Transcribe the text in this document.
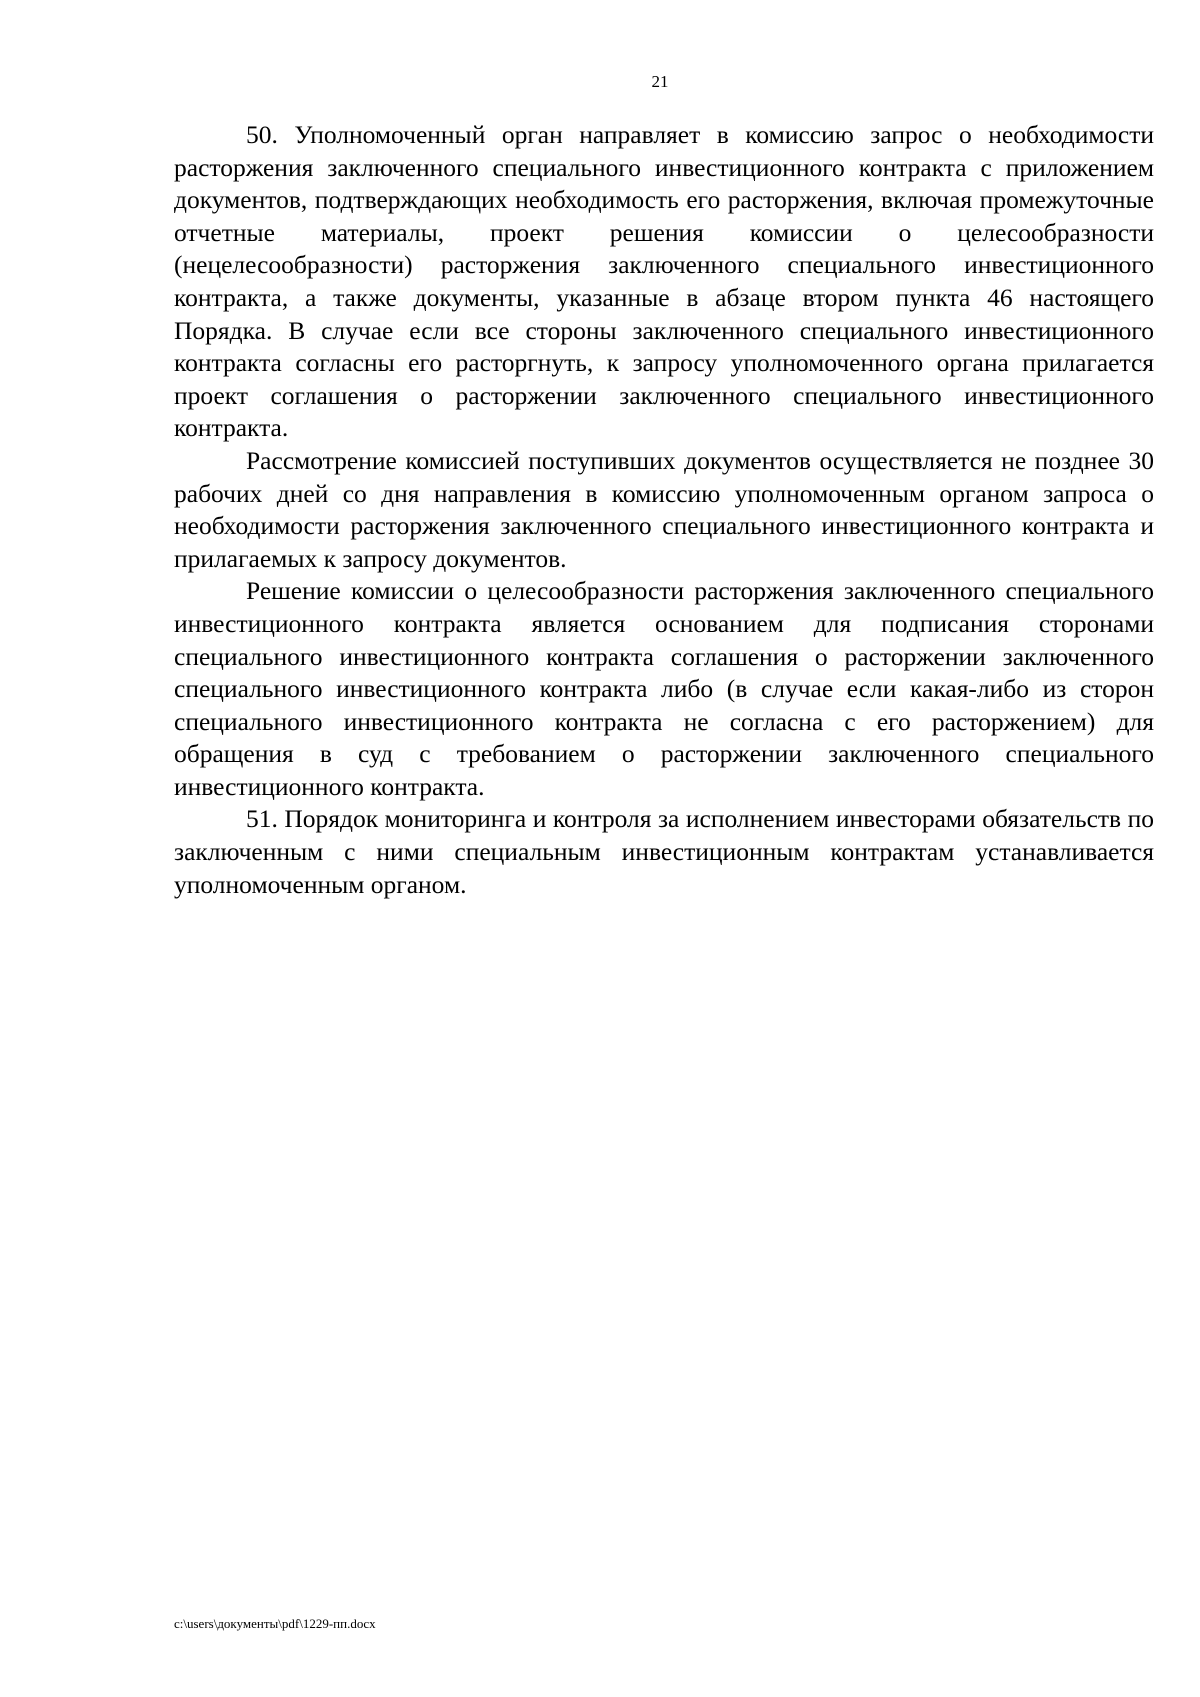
21

50. Уполномоченный орган направляет в комиссию запрос о необходимости расторжения заключенного специального инвестиционного контракта с приложением документов, подтверждающих необходимость его расторжения, включая промежуточные отчетные материалы, проект решения комиссии о целесообразности (нецелесообразности) расторжения заключенного специального инвестиционного контракта, а также документы, указанные в абзаце втором пункта 46 настоящего Порядка. В случае если все стороны заключенного специального инвестиционного контракта согласны его расторгнуть, к запросу уполномоченного органа прилагается проект соглашения о расторжении заключенного специального инвестиционного контракта.

Рассмотрение комиссией поступивших документов осуществляется не позднее 30 рабочих дней со дня направления в комиссию уполномоченным органом запроса о необходимости расторжения заключенного специального инвестиционного контракта и прилагаемых к запросу документов.

Решение комиссии о целесообразности расторжения заключенного специального инвестиционного контракта является основанием для подписания сторонами специального инвестиционного контракта соглашения о расторжении заключенного специального инвестиционного контракта либо (в случае если какая-либо из сторон специального инвестиционного контракта не согласна с его расторжением) для обращения в суд с требованием о расторжении заключенного специального инвестиционного контракта.

51. Порядок мониторинга и контроля за исполнением инвесторами обязательств по заключенным с ними специальным инвестиционным контрактам устанавливается уполномоченным органом.

c:\users\документы\pdf\1229-пп.docx
